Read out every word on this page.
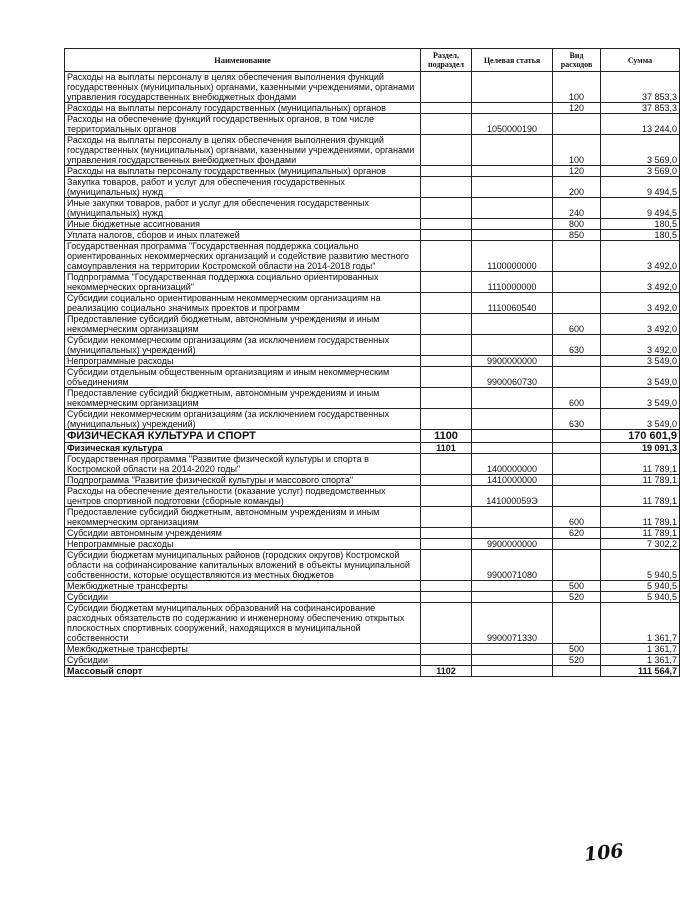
Наименование	Раздел, подраздел	Целевая статья	Вид расходов	Сумма
Расходы на выплаты персоналу в целях обеспечения выполнения функций государственных (муниципальных) органами, казенными учреждениями, органами управления государственных внебюджетных фондами			100	37 853,3
Расходы на выплаты персоналу государственных (муниципальных) органов			120	37 853,3
Расходы на обеспечение функций государственных органов, в том числе территориальных органов		1050000190		13 244,0
Расходы на выплаты персоналу в целях обеспечения выполнения функций государственных (муниципальных) органами, казенными учреждениями, органами управления государственных внебюджетных фондами			100	3 569,0
Расходы на выплаты персоналу государственных (муниципальных) органов			120	3 569,0
Закупка товаров, работ и услуг для обеспечения государственных (муниципальных) нужд			200	9 494,5
Иные закупки товаров, работ и услуг для обеспечения государственных (муниципальных) нужд			240	9 494,5
Иные бюджетные ассигнования			800	180,5
Уплата налогов, сборов и иных платежей			850	180,5
Государственная программа "Государственная поддержка социально ориентированных некоммерческих организаций и содействие развитию местного самоуправления на территории Костромской области на 2014-2018 годы"		1100000000		3 492,0
Подпрограмма "Государственная поддержка социально ориентированных некоммерческих организаций"		1110000000		3 492,0
Субсидии социально ориентированным некоммерческим организациям на реализацию социально значимых проектов и программ		1110060540		3 492,0
Предоставление субсидий бюджетным, автономным учреждениям и иным некоммерческим организациям			600	3 492,0
Субсидии некоммерческим организациям (за исключением государственных (муниципальных) учреждений)			630	3 492,0
Непрограммные расходы		9900000000		3 549,0
Субсидии отдельным общественным организациям и иным некоммерческим объединениям		9900060730		3 549,0
Предоставление субсидий бюджетным, автономным учреждениям и иным некоммерческим организациям			600	3 549,0
Субсидии некоммерческим организациям (за исключением государственных (муниципальных) учреждений)			630	3 549,0
ФИЗИЧЕСКАЯ КУЛЬТУРА И СПОРТ	1100			170 601,9
Физическая культура	1101			19 091,3
Государственная программа "Развитие физической культуры и спорта в Костромской области на 2014-2020 годы"		1400000000		11 789,1
Подпрограмма "Развитие физической культуры и массового спорта"		1410000000		11 789,1
Расходы на обеспечение деятельности (оказание услуг) подведомственных центров спортивной подготовки (сборные команды)		141000059Э		11 789,1
Предоставление субсидий бюджетным, автономным учреждениям и иным некоммерческим организациям			600	11 789,1
Субсидии автономным учреждениям			620	11 789,1
Непрограммные расходы		9900000000		7 302,2
Субсидии бюджетам муниципальных районов (городских округов) Костромской области на софинансирование капитальных вложений в объекты муниципальной собственности, которые осуществляются из местных бюджетов		9900071080		5 940,5
Межбюджетные трансферты			500	5 940,5
Субсидии			520	5 940,5
Субсидии бюджетам муниципальных образований на софинансирование расходных обязательств по содержанию и инженерному обеспечению открытых плоскостных спортивных сооружений, находящихся в муниципальной собственности		9900071330		1 361,7
Межбюджетные трансферты			500	1 361,7
Субсидии			520	1 361,7
Массовый спорт	1102			111 564,7
106
